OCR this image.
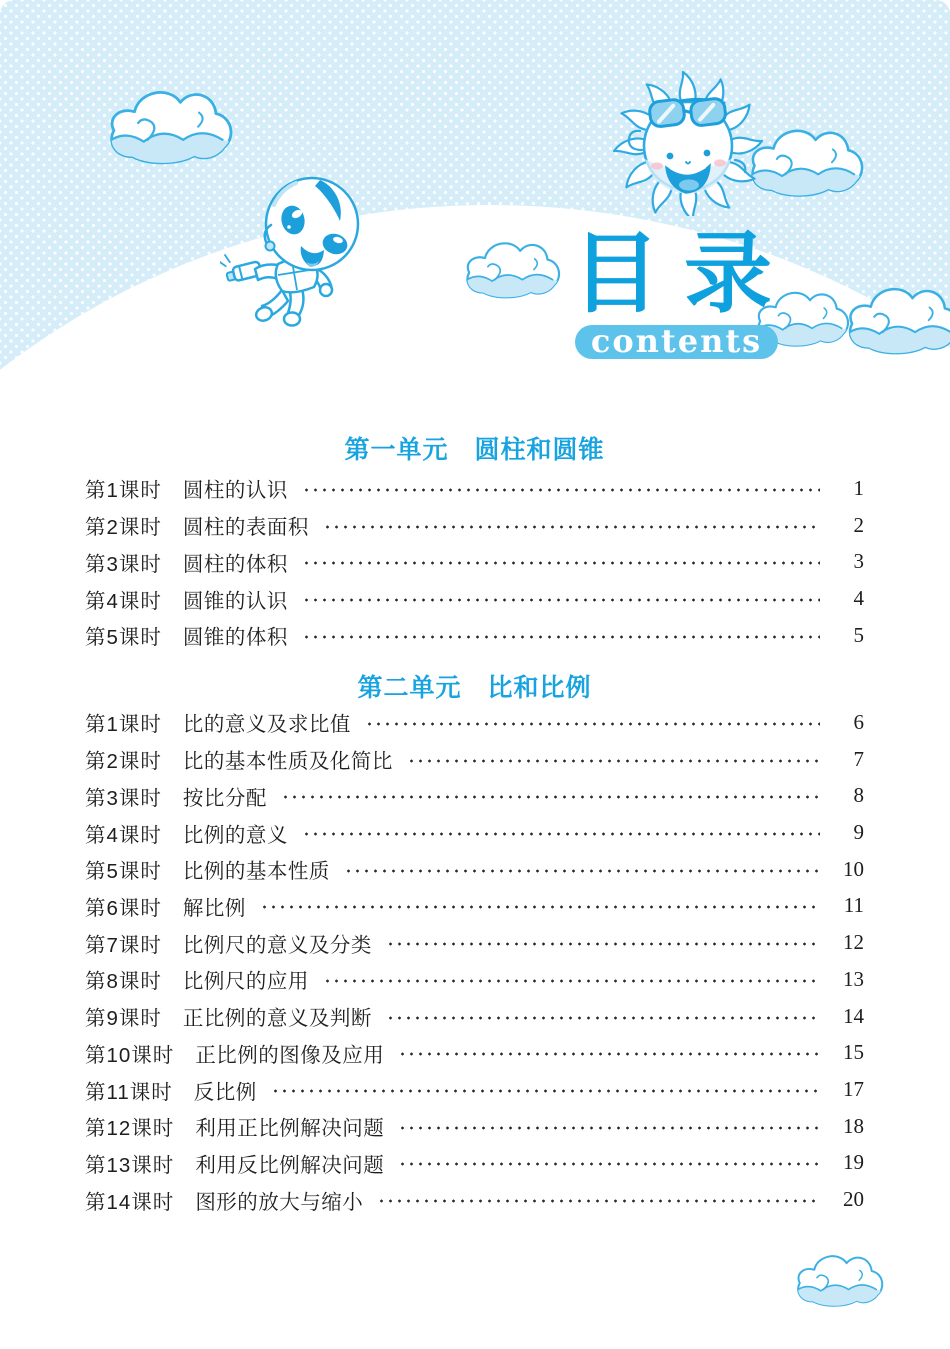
目 录
contents
第一单元　圆柱和圆锥
第1课时 圆柱的认识	1
第2课时 圆柱的表面积	2
第3课时 圆柱的体积	3
第4课时 圆锥的认识	4
第5课时 圆锥的体积	5
第二单元　比和比例
第1课时 比的意义及求比值	6
第2课时 比的基本性质及化简比	7
第3课时 按比分配	8
第4课时 比例的意义	9
第5课时 比例的基本性质	10
第6课时 解比例	11
第7课时 比例尺的意义及分类	12
第8课时 比例尺的应用	13
第9课时 正比例的意义及判断	14
第10课时 正比例的图像及应用	15
第11课时 反比例	17
第12课时 利用正比例解决问题	18
第13课时 利用反比例解决问题	19
第14课时 图形的放大与缩小	20
